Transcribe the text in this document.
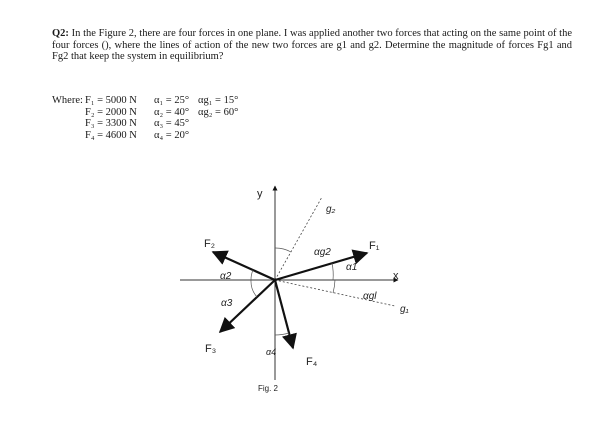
Q2: In the Figure 2, there are four forces in one plane. I was applied another two forces that acting on the same point of the four forces (), where the lines of action of the new two forces are g1 and g2. Determine the magnitude of forces Fg1 and Fg2 that keep the system in equilibrium?
Where: F₁ = 5000 N
F₂ = 2000 N
F₃ = 3300 N
F₄ = 4600 N
α₁ = 25°
α₂ = 40°
α₃ = 45°
α₄ = 20°
αg₁ = 15°
αg₂ = 60°
y
x
g₂
g₁
F₁
F₂
F₃
F₄
αg2
α1
αgl
α2
α3
α4
Fig. 2
